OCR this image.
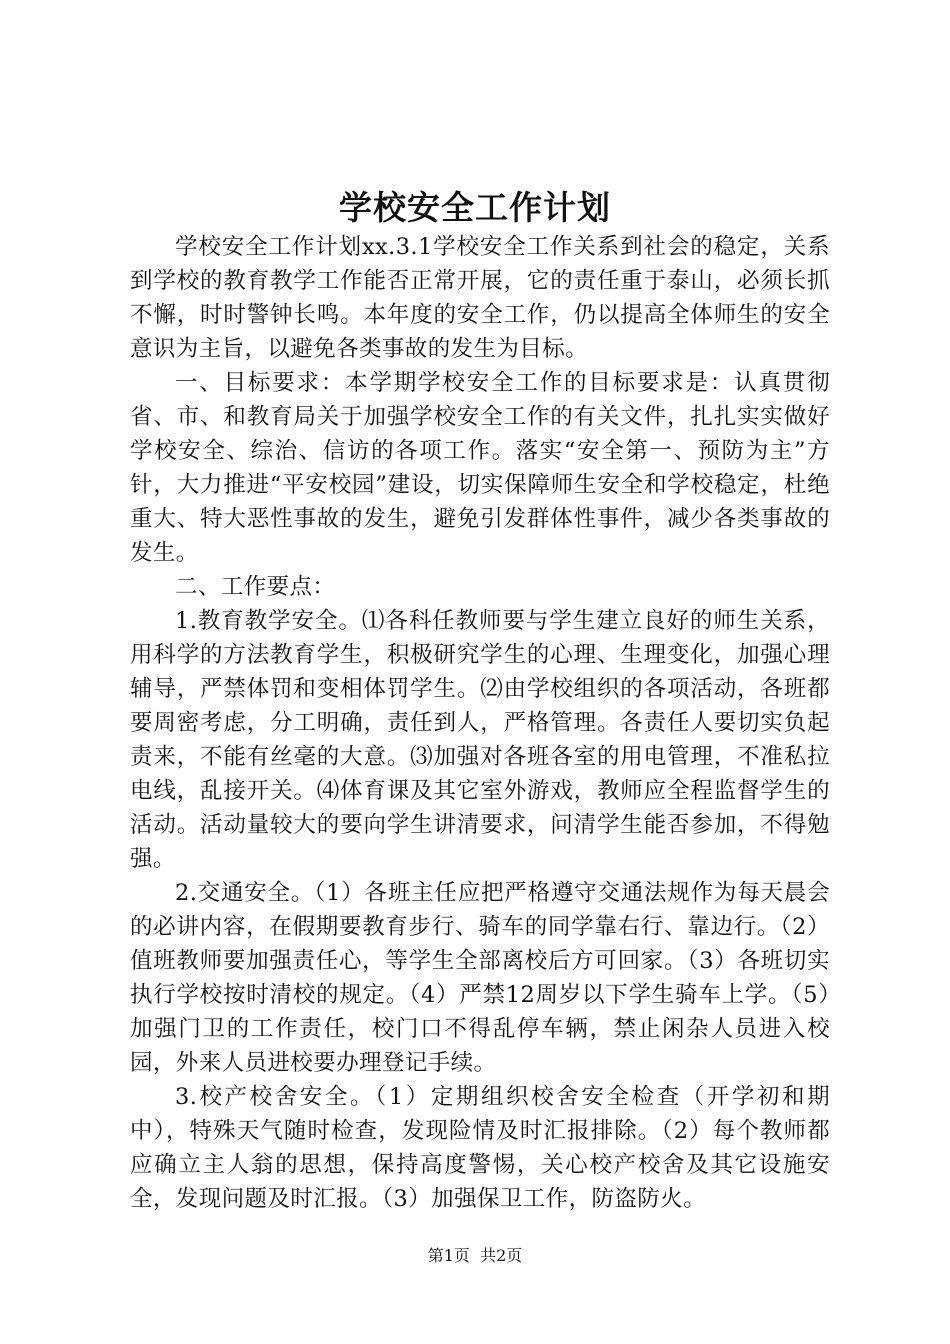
学校安全工作计划

学校安全工作计划xx.3.1学校安全工作关系到社会的稳定，关系到学校的教育教学工作能否正常开展，它的责任重于泰山，必须长抓不懈，时时警钟长鸣。本年度的安全工作，仍以提高全体师生的安全意识为主旨，以避免各类事故的发生为目标。

一、目标要求：本学期学校安全工作的目标要求是：认真贯彻省、市、和教育局关于加强学校安全工作的有关文件，扎扎实实做好学校安全、综治、信访的各项工作。落实“安全第一、预防为主”方针，大力推进“平安校园”建设，切实保障师生安全和学校稳定，杜绝重大、特大恶性事故的发生，避免引发群体性事件，减少各类事故的发生。

二、工作要点：

1.教育教学安全。⑴各科任教师要与学生建立良好的师生关系，用科学的方法教育学生，积极研究学生的心理、生理变化，加强心理辅导，严禁体罚和变相体罚学生。⑵由学校组织的各项活动，各班都要周密考虑，分工明确，责任到人，严格管理。各责任人要切实负起责来，不能有丝毫的大意。⑶加强对各班各室的用电管理，不准私拉电线，乱接开关。⑷体育课及其它室外游戏，教师应全程监督学生的活动。活动量较大的要向学生讲清要求，问清学生能否参加，不得勉强。

2.交通安全。（1）各班主任应把严格遵守交通法规作为每天晨会的必讲内容，在假期要教育步行、骑车的同学靠右行、靠边行。（2）值班教师要加强责任心，等学生全部离校后方可回家。（3）各班切实执行学校按时清校的规定。（4）严禁12周岁以下学生骑车上学。（5）加强门卫的工作责任，校门口不得乱停车辆，禁止闲杂人员进入校园，外来人员进校要办理登记手续。

3.校产校舍安全。（1）定期组织校舍安全检查（开学初和期中），特殊天气随时检查，发现险情及时汇报排除。（2）每个教师都应确立主人翁的思想，保持高度警惕，关心校产校舍及其它设施安全，发现问题及时汇报。（3）加强保卫工作，防盗防火。

第1页 共2页
